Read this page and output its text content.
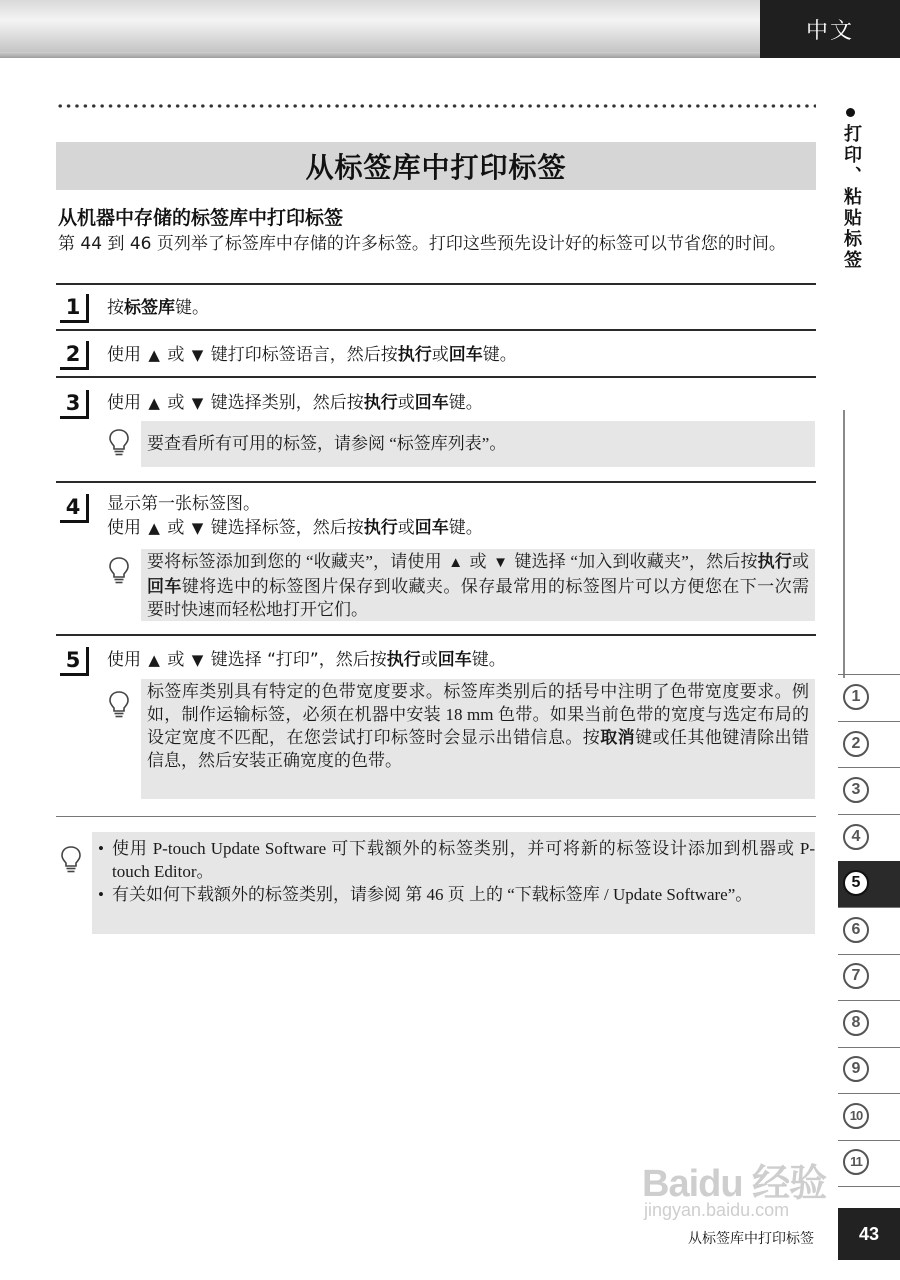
中文
打印、粘贴标签
从标签库中打印标签
从机器中存储的标签库中打印标签
第 44 到 46 页列举了标签库中存储的许多标签。打印这些预先设计好的标签可以节省您的时间。
1	按标签库键。
2	使用 ▲ 或 ▼ 键打印标签语言，然后按执行或回车键。
3	使用 ▲ 或 ▼ 键选择类别，然后按执行或回车键。
要查看所有可用的标签，请参阅 “标签库列表”。
4	显示第一张标签图。
使用 ▲ 或 ▼ 键选择标签，然后按执行或回车键。
要将标签添加到您的 “收藏夹”，请使用 ▲ 或 ▼ 键选择 “加入到收藏夹”，然后按执行或回车键将选中的标签图片保存到收藏夹。保存最常用的标签图片可以方便您在下一次需要时快速而轻松地打开它们。
5	使用 ▲ 或 ▼ 键选择 “打印”，然后按执行或回车键。
标签库类别具有特定的色带宽度要求。标签库类别后的括号中注明了色带宽度要求。例如，制作运输标签，必须在机器中安装 18 mm 色带。如果当前色带的宽度与选定布局的设定宽度不匹配，在您尝试打印标签时会显示出错信息。按取消键或任其他键清除出错信息，然后安装正确宽度的色带。
• 使用 P-touch Update Software 可下载额外的标签类别，并可将新的标签设计添加到机器或 P-touch Editor。
• 有关如何下载额外的标签类别，请参阅 第 46 页 上的 “下载标签库 / Update Software”。
1
2
3
4
5
6
7
8
9
10
11
Baidu 经验
jingyan.baidu.com
从标签库中打印标签	43
